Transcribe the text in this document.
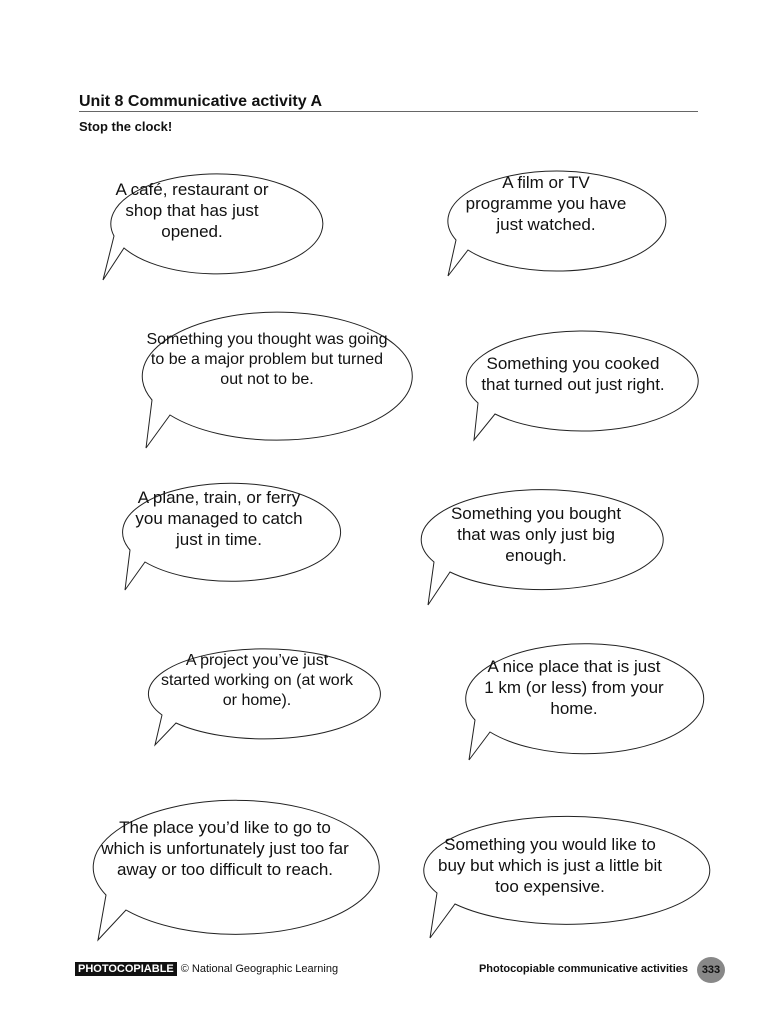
Unit 8 Communicative activity A
Stop the clock!
A café, restaurant or shop that has just opened.
A film or TV programme you have just watched.
Something you thought was going to be a major problem but turned out not to be.
Something you cooked that turned out just right.
A plane, train, or ferry you managed to catch just in time.
Something you bought that was only just big enough.
A project you’ve just started working on (at work or home).
A nice place that is just 1 km (or less) from your home.
The place you’d like to go to which is unfortunately just too far away or too difficult to reach.
Something you would like to buy but which is just a little bit too expensive.
PHOTOCOPIABLE © National Geographic Learning	Photocopiable communicative activities	333
